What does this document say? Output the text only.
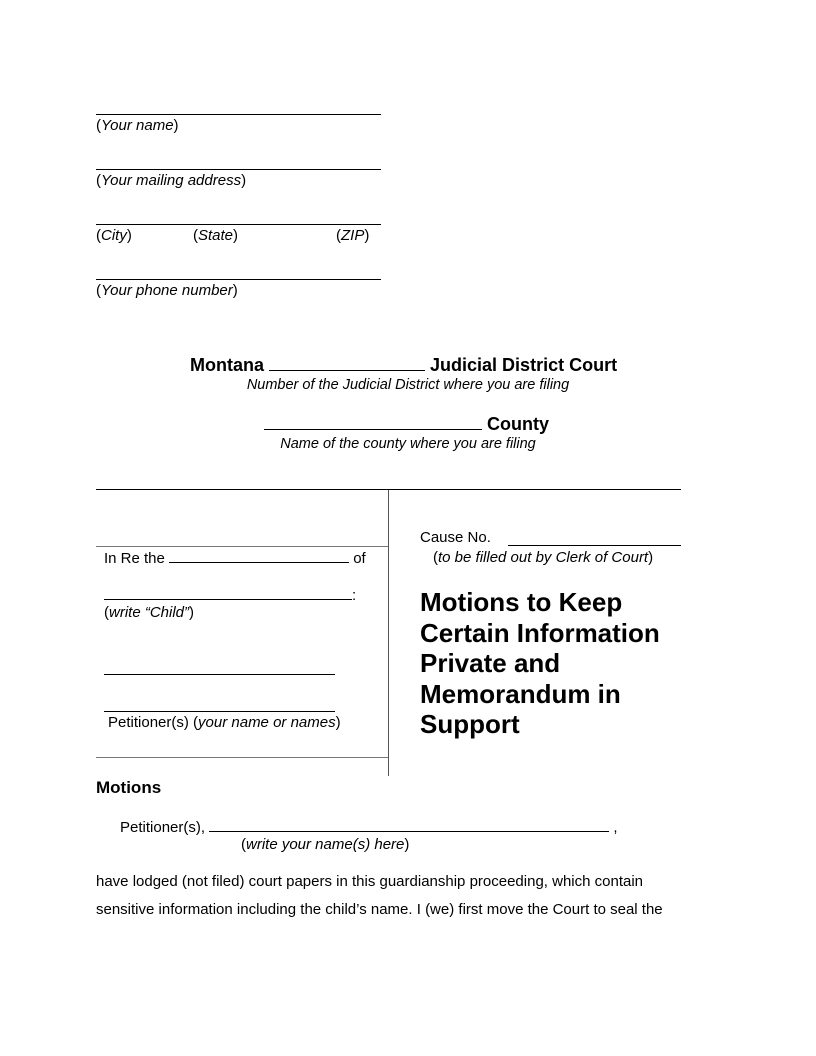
(Your name)
(Your mailing address)
(City)	(State)	(ZIP)
(Your phone number)
Montana	Judicial District Court
Number of the Judicial District where you are filing
County
Name of the county where you are filing
In Re the	of
:
(write “Child”)
Petitioner(s) (your name or names)
Cause No.
(to be filled out by Clerk of Court)
Motions to Keep
Certain Information
Private and
Memorandum in
Support
Motions
Petitioner(s),	,
(write your name(s) here)
have lodged (not filed) court papers in this guardianship proceeding, which contain
sensitive information including the child’s name. I (we) first move the Court to seal the
